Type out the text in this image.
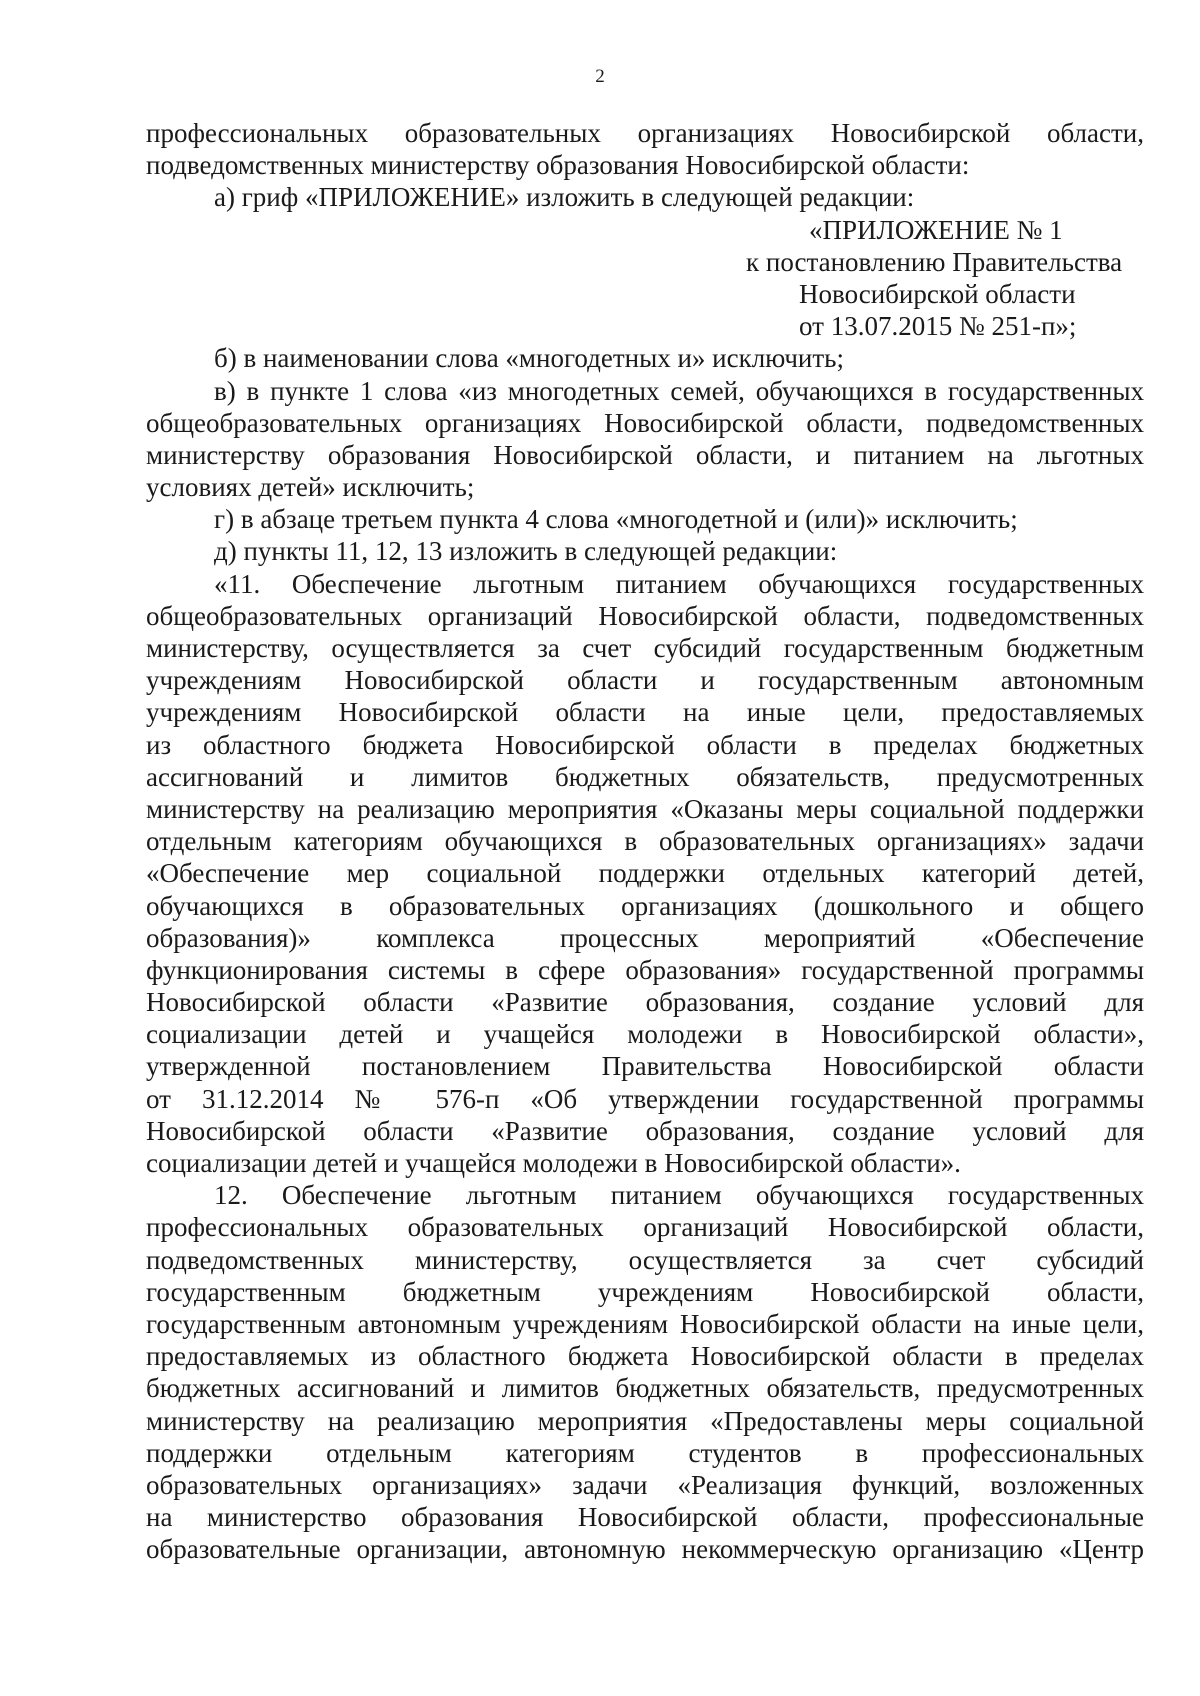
2
профессиональных образовательных организациях Новосибирской области,
подведомственных министерству образования Новосибирской области:
а) гриф «ПРИЛОЖЕНИЕ» изложить в следующей редакции:
«ПРИЛОЖЕНИЕ № 1
к постановлению Правительства
Новосибирской области
от 13.07.2015 № 251-п»;
б) в наименовании слова «многодетных и» исключить;
в) в пункте 1 слова «из многодетных семей, обучающихся в государственных
общеобразовательных организациях Новосибирской области, подведомственных
министерству образования Новосибирской области, и питанием на льготных
условиях детей» исключить;
г) в абзаце третьем пункта 4 слова «многодетной и (или)» исключить;
д) пункты 11, 12, 13 изложить в следующей редакции:
«11. Обеспечение льготным питанием обучающихся государственных
общеобразовательных организаций Новосибирской области, подведомственных
министерству, осуществляется за счет субсидий государственным бюджетным
учреждениям Новосибирской области и государственным автономным
учреждениям Новосибирской области на иные цели, предоставляемых
из областного бюджета Новосибирской области в пределах бюджетных
ассигнований и лимитов бюджетных обязательств, предусмотренных
министерству на реализацию мероприятия «Оказаны меры социальной поддержки
отдельным категориям обучающихся в образовательных организациях» задачи
«Обеспечение мер социальной поддержки отдельных категорий детей,
обучающихся в образовательных организациях (дошкольного и общего
образования)» комплекса процессных мероприятий «Обеспечение
функционирования системы в сфере образования» государственной программы
Новосибирской области «Развитие образования, создание условий для
социализации детей и учащейся молодежи в Новосибирской области»,
утвержденной постановлением Правительства Новосибирской области
от 31.12.2014 № 576-п «Об утверждении государственной программы
Новосибирской области «Развитие образования, создание условий для
социализации детей и учащейся молодежи в Новосибирской области».
12. Обеспечение льготным питанием обучающихся государственных
профессиональных образовательных организаций Новосибирской области,
подведомственных министерству, осуществляется за счет субсидий
государственным бюджетным учреждениям Новосибирской области,
государственным автономным учреждениям Новосибирской области на иные цели,
предоставляемых из областного бюджета Новосибирской области в пределах
бюджетных ассигнований и лимитов бюджетных обязательств, предусмотренных
министерству на реализацию мероприятия «Предоставлены меры социальной
поддержки отдельным категориям студентов в профессиональных
образовательных организациях» задачи «Реализация функций, возложенных
на министерство образования Новосибирской области, профессиональные
образовательные организации, автономную некоммерческую организацию «Центр
